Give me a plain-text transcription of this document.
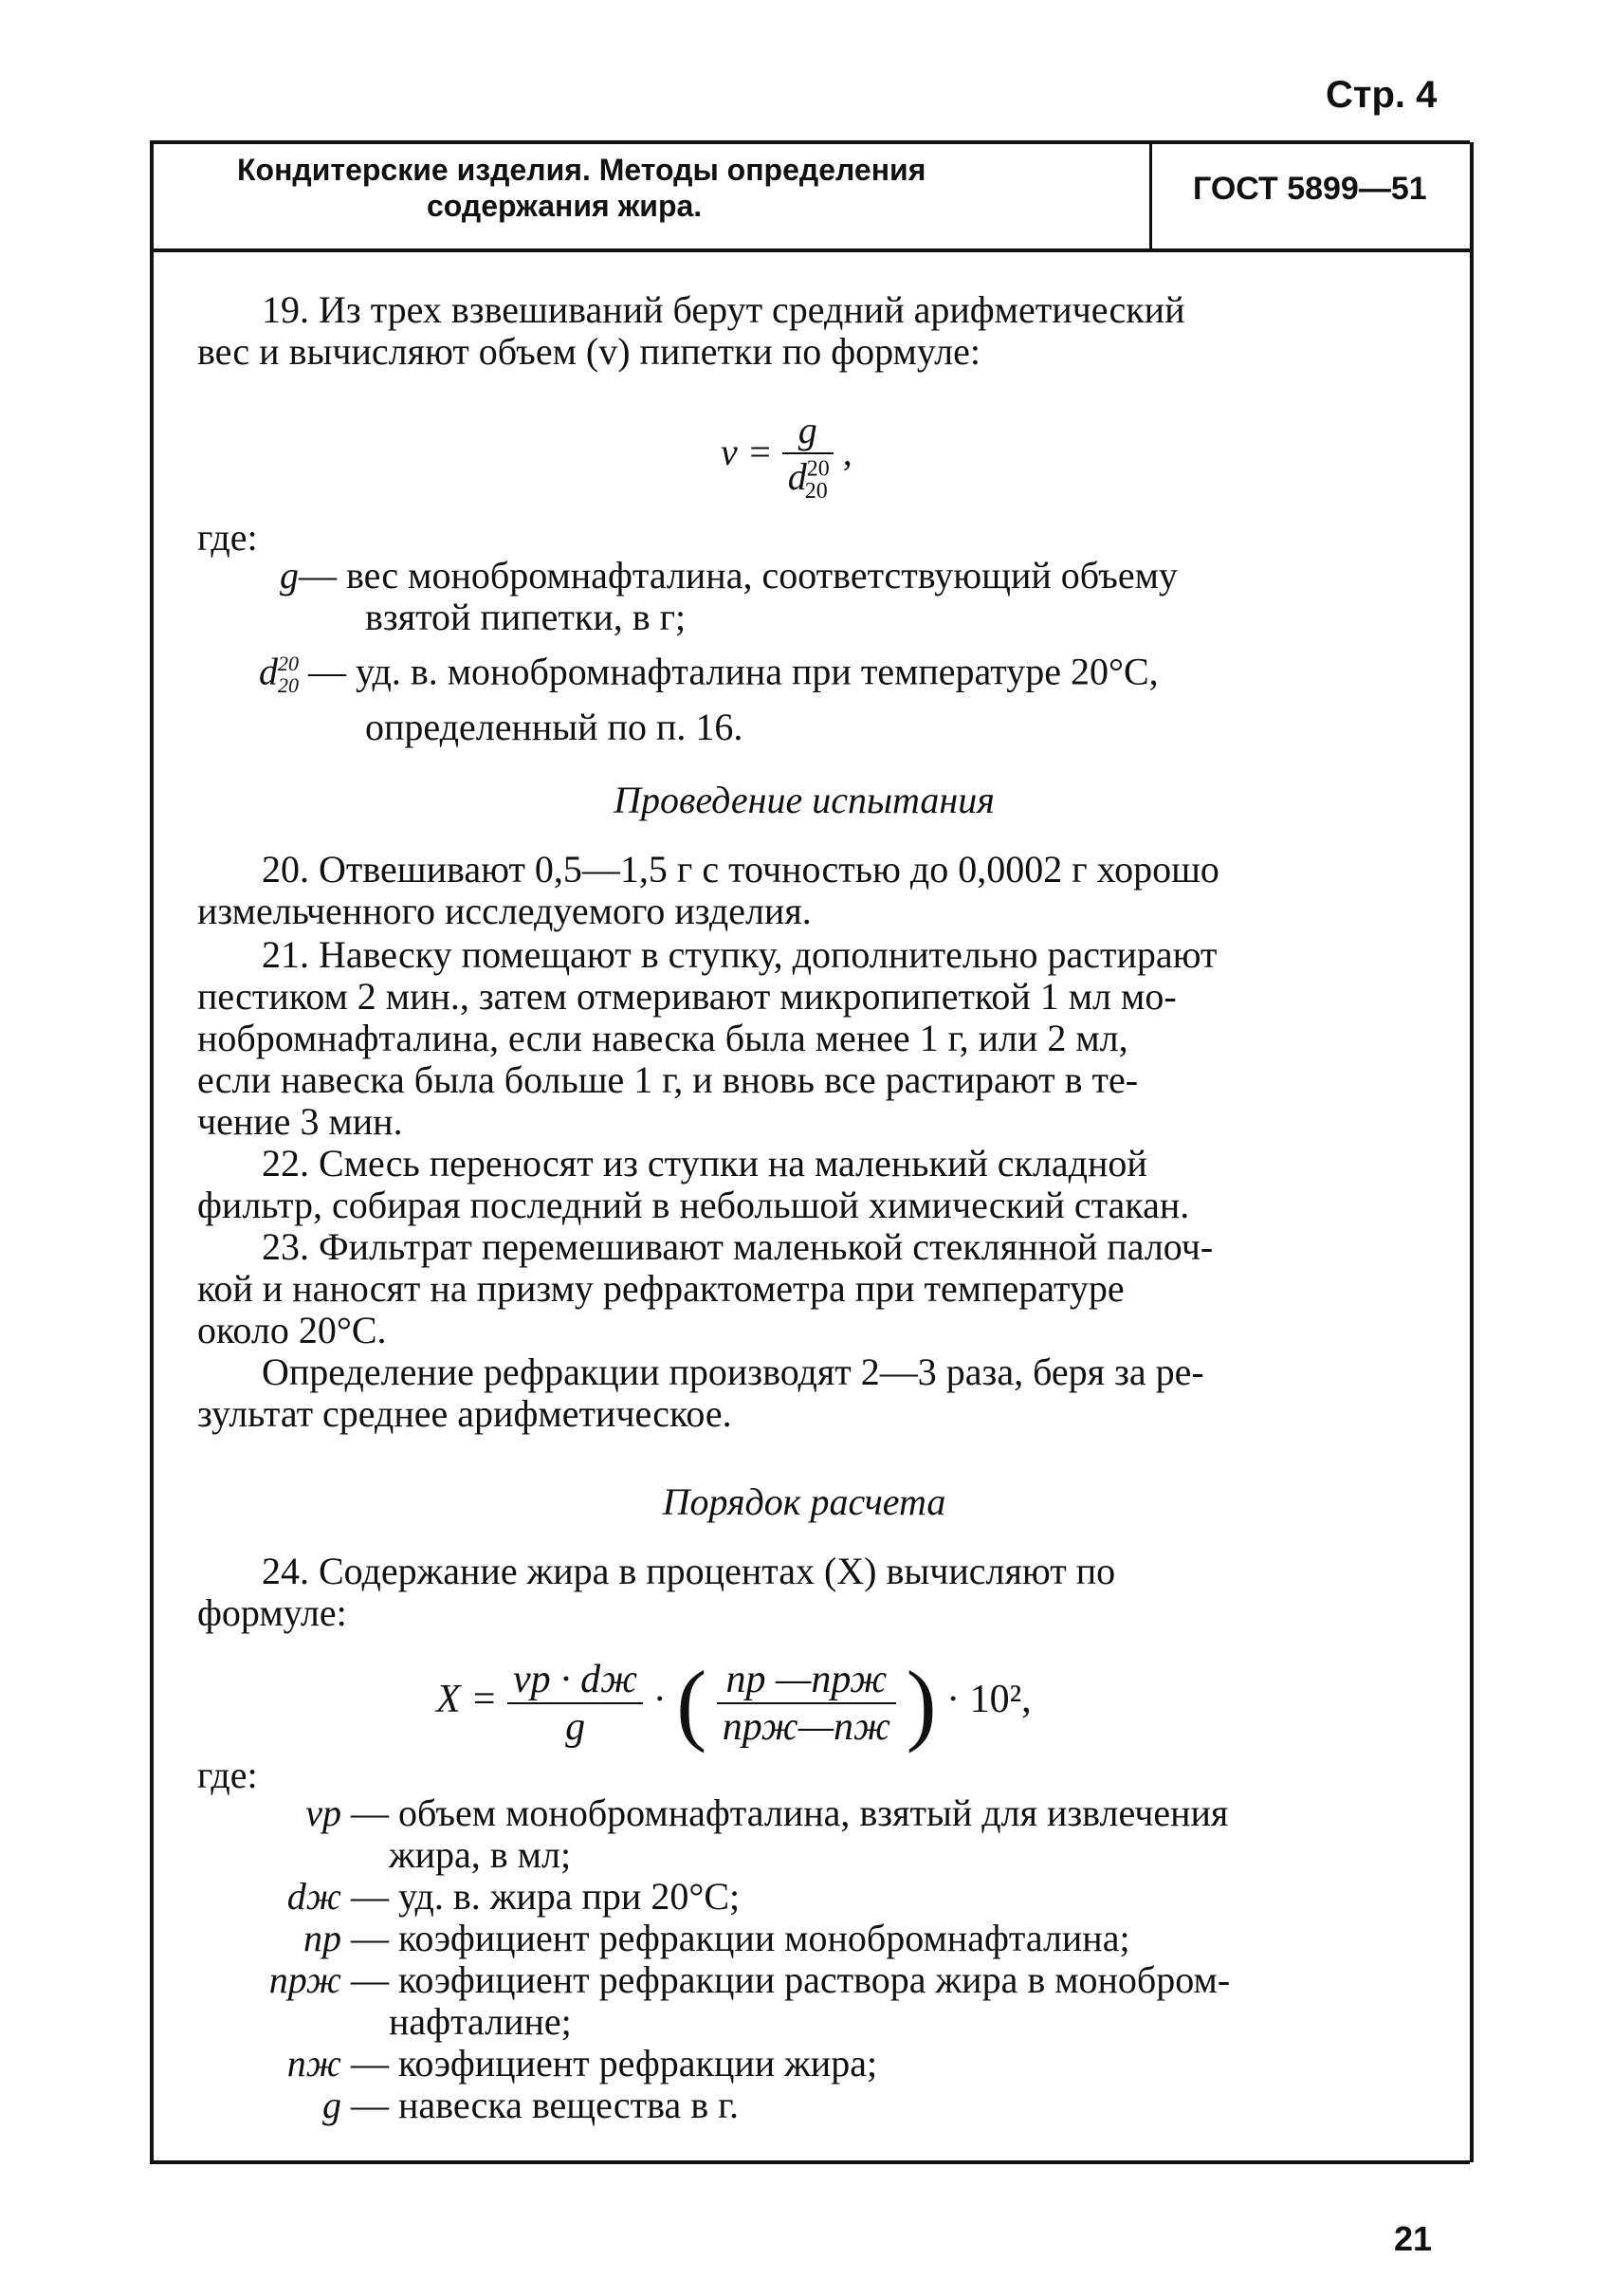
Стр. 4
Кондитерские изделия. Методы определения
содержания жира.	ГОСТ 5899—51
19. Из трех взвешиваний берут средний арифметический
вес и вычисляют объем (v) пипетки по формуле:
$v = \frac{g}{d^{20}_{20}}$ ,
где:
g— вес монобромнафталина, соответствующий объему
взятой пипетки, в г;
$d^{20}_{20}$ — уд. в. монобромнафталина при температуре 20°С,
определенный по п. 16.
Проведение испытания
20. Отвешивают 0,5—1,5 г с точностью до 0,0002 г хорошо
измельченного исследуемого изделия.
21. Навеску помещают в ступку, дополнительно растирают
пестиком 2 мин., затем отмеривают микропипеткой 1 мл мо-
нобромнафталина, если навеска была менее 1 г, или 2 мл,
если навеска была больше 1 г, и вновь все растирают в те-
чение 3 мин.
22. Смесь переносят из ступки на маленький складной
фильтр, собирая последний в небольшой химический стакан.
23. Фильтрат перемешивают маленькой стеклянной палоч-
кой и наносят на призму рефрактометра при температуре
около 20°С.
Определение рефракции производят 2—3 раза, беря за ре-
зультат среднее арифметическое.
Порядок расчета
24. Содержание жира в процентах (X) вычисляют по
формуле:
$X = \frac{vр \cdot dж}{g}$ · ( $\frac{\text{nр —nрж}}{\text{nрж—nж}}$ ) · 10²,
где:
vр — объем монобромнафталина, взятый для извлечения
жира, в мл;
dж — уд. в. жира при 20°С;
nр — коэфициент рефракции монобромнафталина;
nрж — коэфициент рефракции раствора жира в монобром-
нафталине;
nж — коэфициент рефракции жира;
g — навеска вещества в г.
21
